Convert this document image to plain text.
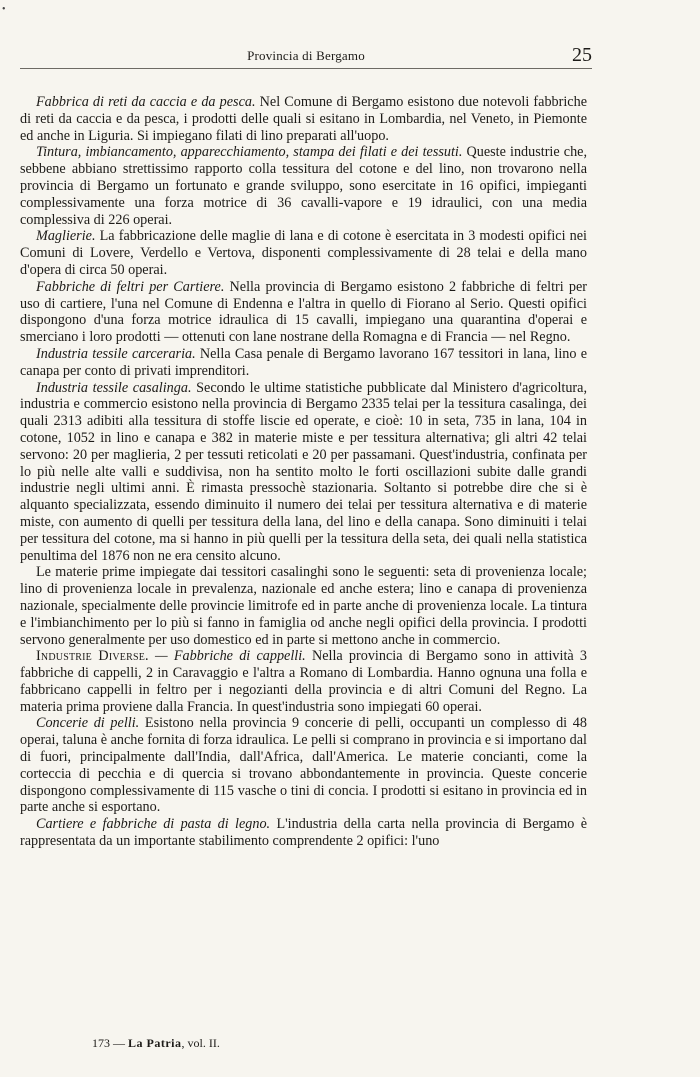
•
Provincia di Bergamo	25

Fabbrica di reti da caccia e da pesca. Nel Comune di Bergamo esistono due notevoli fabbriche di reti da caccia e da pesca, i prodotti delle quali si esitano in Lombardia, nel Veneto, in Piemonte ed anche in Liguria. Si impiegano filati di lino preparati all'uopo.

Tintura, imbiancamento, apparecchiamento, stampa dei filati e dei tessuti. Queste industrie che, sebbene abbiano strettissimo rapporto colla tessitura del cotone e del lino, non trovarono nella provincia di Bergamo un fortunato e grande sviluppo, sono esercitate in 16 opifici, impieganti complessivamente una forza motrice di 36 cavalli-vapore e 19 idraulici, con una media complessiva di 226 operai.

Maglierie. La fabbricazione delle maglie di lana e di cotone è esercitata in 3 modesti opifici nei Comuni di Lovere, Verdello e Vertova, disponenti complessivamente di 28 telai e della mano d'opera di circa 50 operai.

Fabbriche di feltri per Cartiere. Nella provincia di Bergamo esistono 2 fabbriche di feltri per uso di cartiere, l'una nel Comune di Endenna e l'altra in quello di Fiorano al Serio. Questi opifici dispongono d'una forza motrice idraulica di 15 cavalli, impiegano una quarantina d'operai e smerciano i loro prodotti — ottenuti con lane nostrane della Romagna e di Francia — nel Regno.

Industria tessile carceraria. Nella Casa penale di Bergamo lavorano 167 tessitori in lana, lino e canapa per conto di privati imprenditori.

Industria tessile casalinga. Secondo le ultime statistiche pubblicate dal Ministero d'agricoltura, industria e commercio esistono nella provincia di Bergamo 2335 telai per la tessitura casalinga, dei quali 2313 adibiti alla tessitura di stoffe liscie ed operate, e cioè: 10 in seta, 735 in lana, 104 in cotone, 1052 in lino e canapa e 382 in materie miste e per tessitura alternativa; gli altri 42 telai servono: 20 per maglieria, 2 per tessuti reticolati e 20 per passamani. Quest'industria, confinata per lo più nelle alte valli e suddivisa, non ha sentito molto le forti oscillazioni subite dalle grandi industrie negli ultimi anni. È rimasta pressochè stazionaria. Soltanto si potrebbe dire che si è alquanto specializzata, essendo diminuito il numero dei telai per tessitura alternativa e di materie miste, con aumento di quelli per tessitura della lana, del lino e della canapa. Sono diminuiti i telai per tessitura del cotone, ma si hanno in più quelli per la tessitura della seta, dei quali nella statistica penultima del 1876 non ne era censito alcuno.

Le materie prime impiegate dai tessitori casalinghi sono le seguenti: seta di provenienza locale; lino di provenienza locale in prevalenza, nazionale ed anche estera; lino e canapa di provenienza nazionale, specialmente delle provincie limitrofe ed in parte anche di provenienza locale. La tintura e l'imbianchimento per lo più si fanno in famiglia od anche negli opifici della provincia. I prodotti servono generalmente per uso domestico ed in parte si mettono anche in commercio.

Industrie Diverse. — Fabbriche di cappelli. Nella provincia di Bergamo sono in attività 3 fabbriche di cappelli, 2 in Caravaggio e l'altra a Romano di Lombardia. Hanno ognuna una folla e fabbricano cappelli in feltro per i negozianti della provincia e di altri Comuni del Regno. La materia prima proviene dalla Francia. In quest'industria sono impiegati 60 operai.

Concerie di pelli. Esistono nella provincia 9 concerie di pelli, occupanti un complesso di 48 operai, taluna è anche fornita di forza idraulica. Le pelli si comprano in provincia e si importano dal di fuori, principalmente dall'India, dall'Africa, dall'America. Le materie concianti, come la corteccia di pecchia e di quercia si trovano abbondantemente in provincia. Queste concerie dispongono complessivamente di 115 vasche o tini di concia. I prodotti si esitano in provincia ed in parte anche si esportano.

Cartiere e fabbriche di pasta di legno. L'industria della carta nella provincia di Bergamo è rappresentata da un importante stabilimento comprendente 2 opifici: l'uno

173 — La Patria, vol. II.
